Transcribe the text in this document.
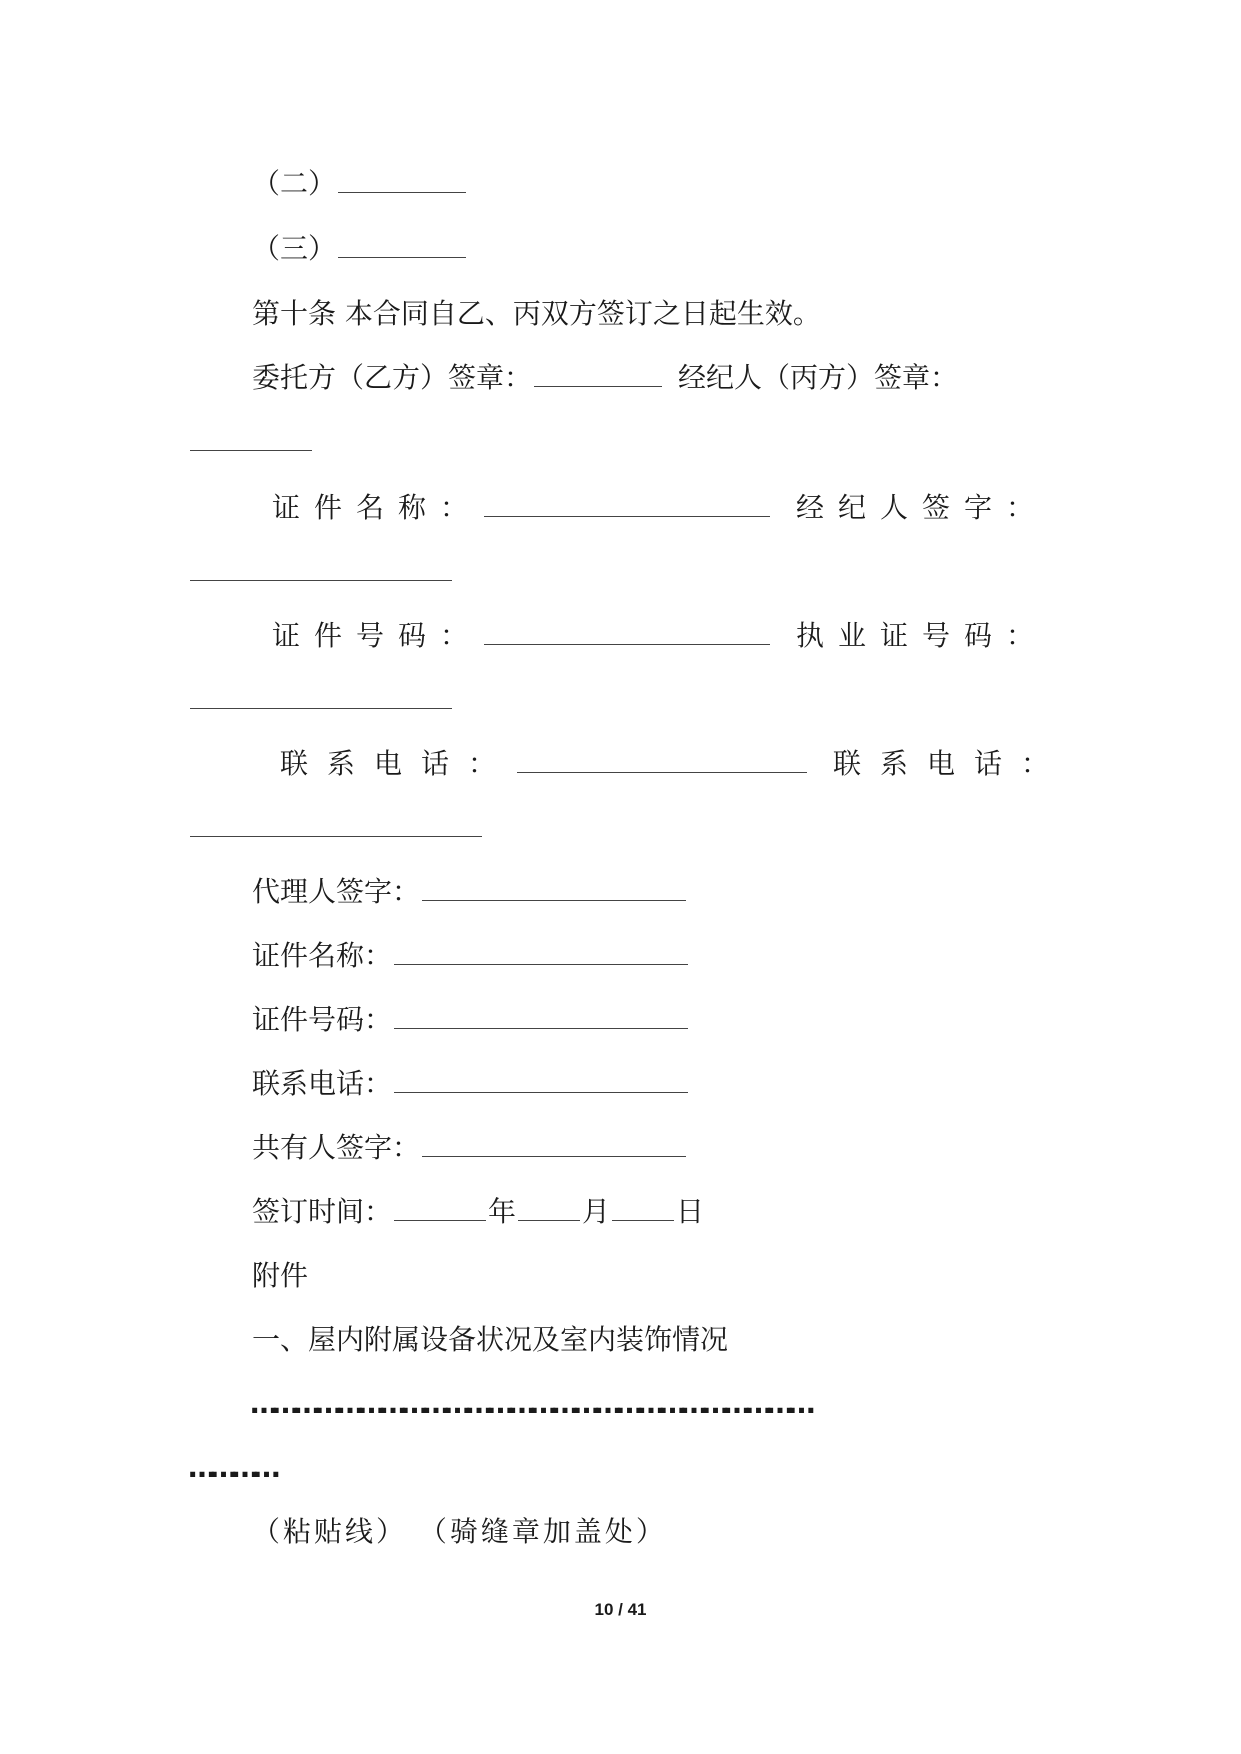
（二）
（三）
第十条 本合同自乙、丙双方签订之日起生效。
委托方（乙方）签章：	经纪人（丙方）签章：
证件名称：	经纪人签字：
证件号码：	执业证号码：
联系电话：	联系电话：
代理人签字：
证件名称：
证件号码：
联系电话：
共有人签字：
签订时间：	年 月 日
附件
一、屋内附属设备状况及室内装饰情况
……………………………………………………………………
…………
（粘贴线） （骑缝章加盖处）
10 / 41
